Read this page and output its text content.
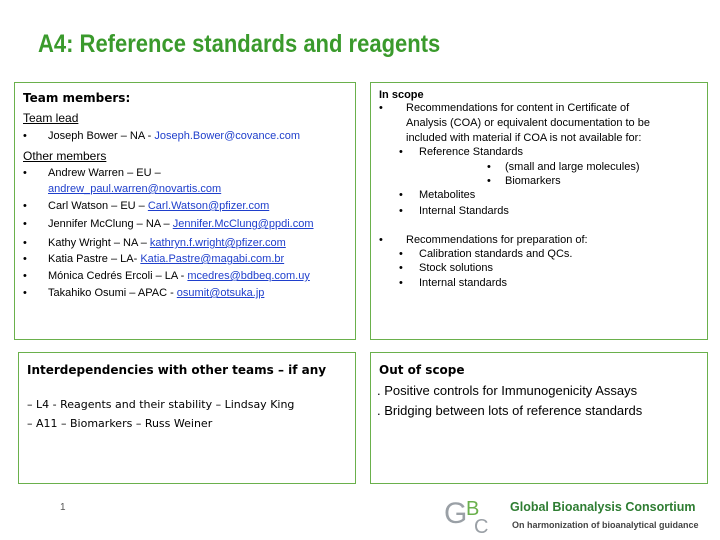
A4: Reference standards and reagents
Team members:
Team lead
• Joseph Bower – NA - Joseph.Bower@covance.com
Other members
• Andrew Warren – EU –
andrew_paul.warren@novartis.com
• Carl Watson – EU – Carl.Watson@pfizer.com
• Jennifer McClung – NA – Jennifer.McClung@ppdi.com
• Kathy Wright – NA – kathryn.f.wright@pfizer.com
• Katia Pastre – LA- Katia.Pastre@magabi.com.br
• Mónica Cedrés Ercoli – LA - mcedres@bdbeq.com.uy
• Takahiko Osumi – APAC - osumit@otsuka.jp
In scope
• Recommendations for content in Certificate of
Analysis (COA) or equivalent documentation to be
included with material if COA is not available for:
• Reference Standards
• (small and large molecules)
• Biomarkers
• Metabolites
• Internal Standards
• Recommendations for preparation of:
• Calibration standards and QCs.
• Stock solutions
• Internal standards
Interdependencies with other teams – if any
– L4 - Reagents and their stability – Lindsay King
– A11 – Biomarkers – Russ Weiner
Out of scope
. Positive controls for Immunogenicity Assays
. Bridging between lots of reference standards
1	G
B
C
Global Bioanalysis Consortium
On harmonization of bioanalytical guidance
